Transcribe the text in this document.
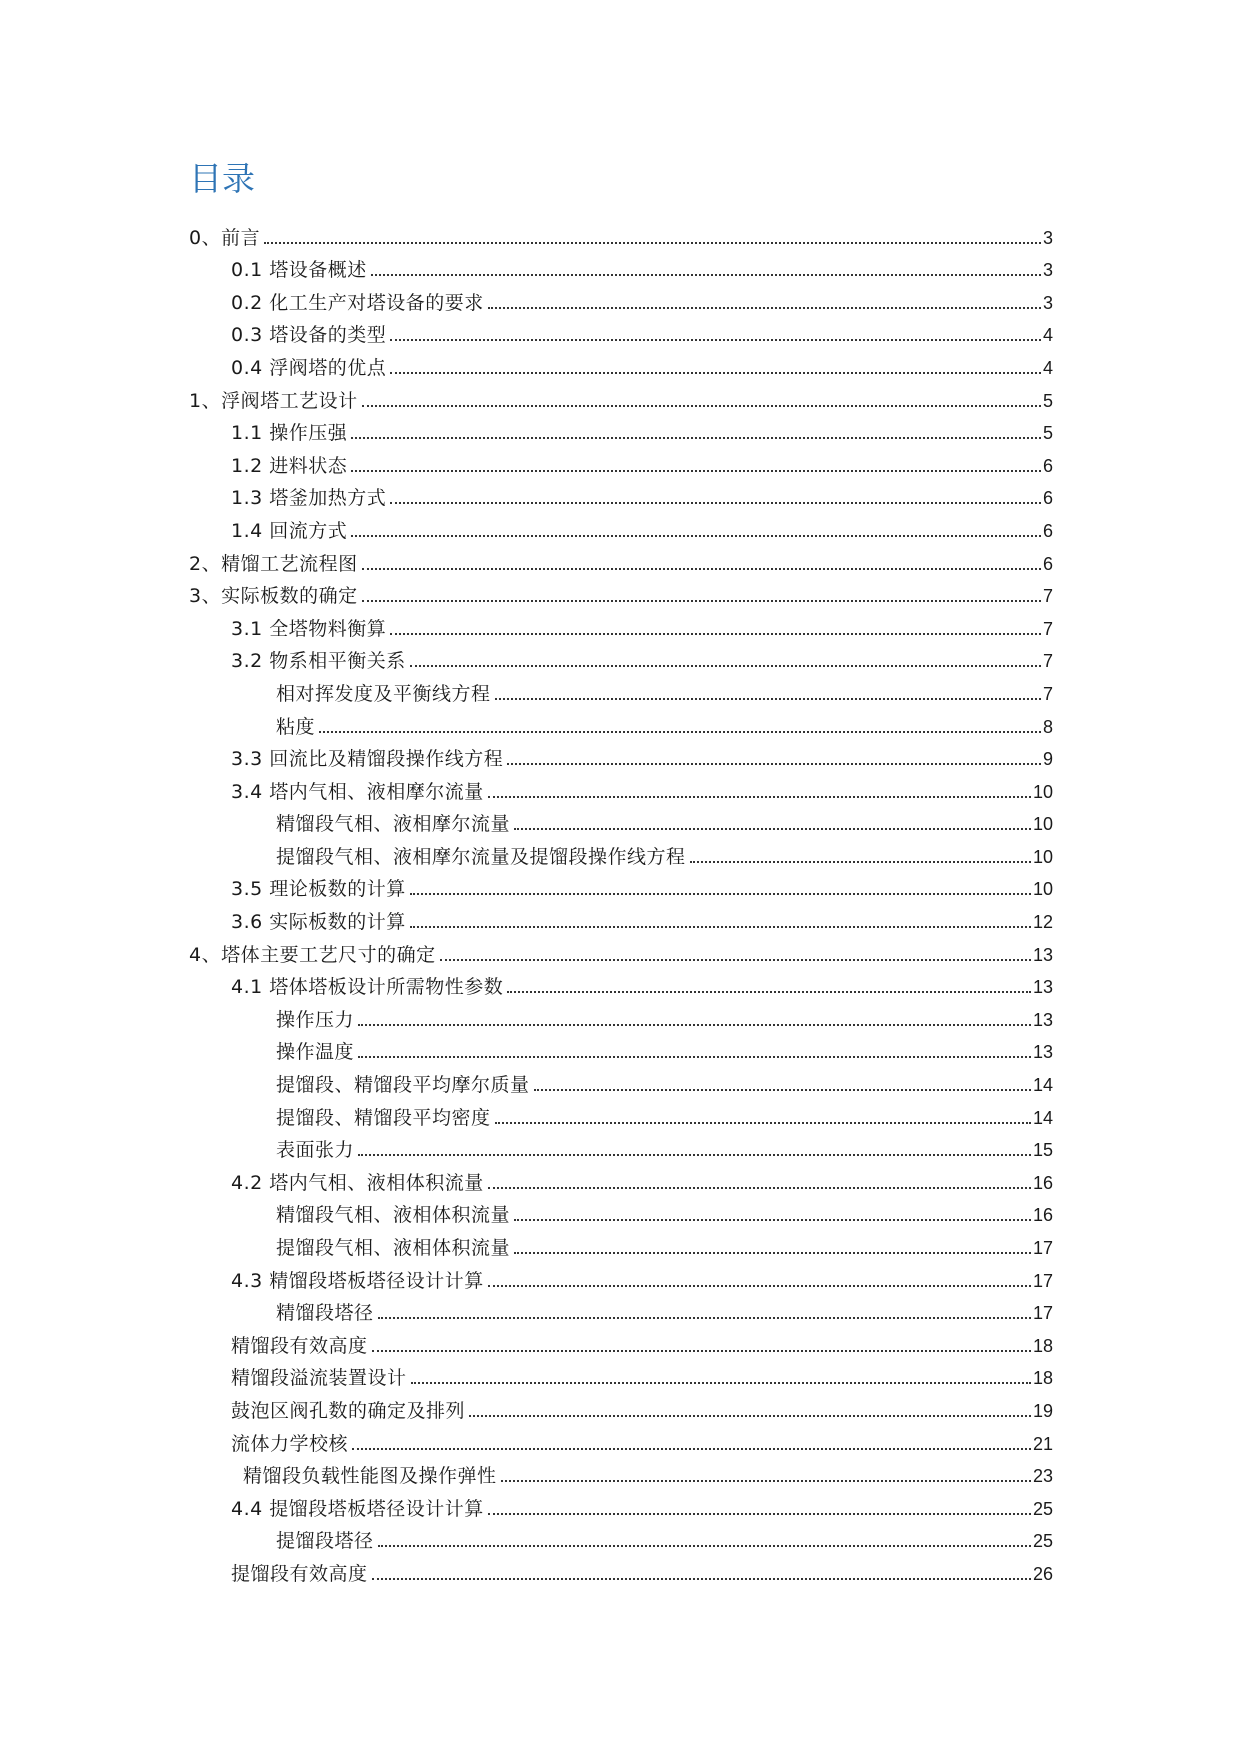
目录
0、前言	3
0.1 塔设备概述	3
0.2 化工生产对塔设备的要求	3
0.3 塔设备的类型	4
0.4 浮阀塔的优点	4
1、浮阀塔工艺设计	5
1.1 操作压强	5
1.2 进料状态	6
1.3 塔釜加热方式	6
1.4 回流方式	6
2、精馏工艺流程图	6
3、实际板数的确定	7
3.1 全塔物料衡算	7
3.2 物系相平衡关系	7
相对挥发度及平衡线方程	7
粘度	8
3.3 回流比及精馏段操作线方程	9
3.4 塔内气相、液相摩尔流量	10
精馏段气相、液相摩尔流量	10
提馏段气相、液相摩尔流量及提馏段操作线方程	10
3.5 理论板数的计算	10
3.6 实际板数的计算	12
4、塔体主要工艺尺寸的确定	13
4.1 塔体塔板设计所需物性参数	13
操作压力	13
操作温度	13
提馏段、精馏段平均摩尔质量	14
提馏段、精馏段平均密度	14
表面张力	15
4.2 塔内气相、液相体积流量	16
精馏段气相、液相体积流量	16
提馏段气相、液相体积流量	17
4.3 精馏段塔板塔径设计计算	17
精馏段塔径	17
精馏段有效高度	18
精馏段溢流装置设计	18
鼓泡区阀孔数的确定及排列	19
流体力学校核	21
精馏段负载性能图及操作弹性	23
4.4 提馏段塔板塔径设计计算	25
提馏段塔径	25
提馏段有效高度	26
